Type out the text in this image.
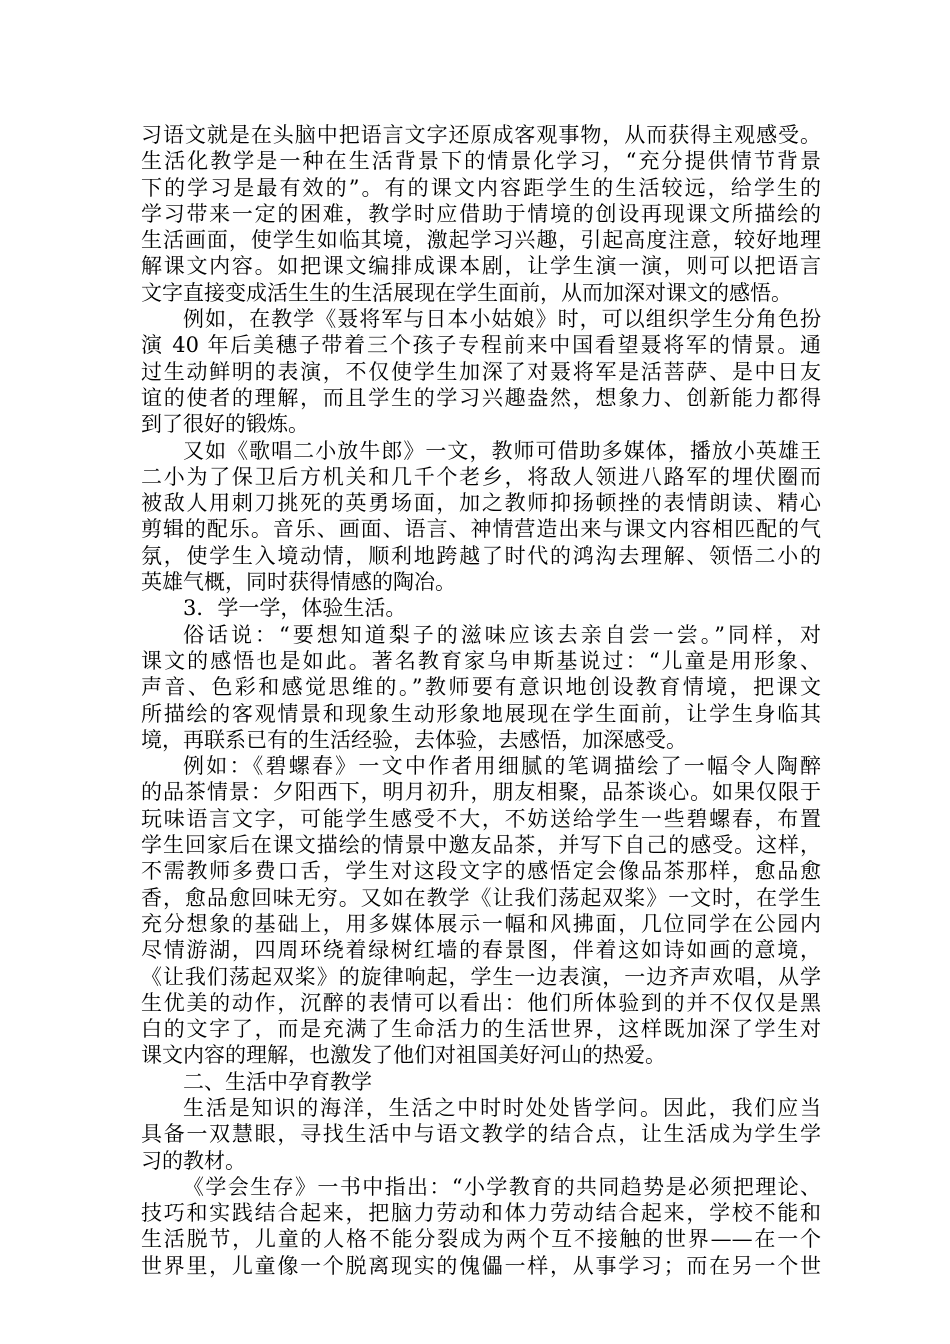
习语文就是在头脑中把语言文字还原成客观事物，从而获得主观感受。
生活化教学是一种在生活背景下的情景化学习，“充分提供情节背景
下的学习是最有效的”。有的课文内容距学生的生活较远，给学生的
学习带来一定的困难，教学时应借助于情境的创设再现课文所描绘的
生活画面，使学生如临其境，激起学习兴趣，引起高度注意，较好地理
解课文内容。如把课文编排成课本剧，让学生演一演，则可以把语言
文字直接变成活生生的生活展现在学生面前，从而加深对课文的感悟。
例如，在教学《聂将军与日本小姑娘》时，可以组织学生分角色扮
演 40 年后美穗子带着三个孩子专程前来中国看望聂将军的情景。通
过生动鲜明的表演，不仅使学生加深了对聂将军是活菩萨、是中日友
谊的使者的理解，而且学生的学习兴趣盎然，想象力、创新能力都得
到了很好的锻炼。
又如《歌唱二小放牛郎》一文，教师可借助多媒体，播放小英雄王
二小为了保卫后方机关和几千个老乡，将敌人领进八路军的埋伏圈而
被敌人用刺刀挑死的英勇场面，加之教师抑扬顿挫的表情朗读、精心
剪辑的配乐。音乐、画面、语言、神情营造出来与课文内容相匹配的气
氛，使学生入境动情，顺利地跨越了时代的鸿沟去理解、领悟二小的
英雄气概，同时获得情感的陶冶。
3．学一学，体验生活。
俗话说：“要想知道梨子的滋味应该去亲自尝一尝。”同样，对
课文的感悟也是如此。著名教育家乌申斯基说过：“儿童是用形象、
声音、色彩和感觉思维的。”教师要有意识地创设教育情境，把课文
所描绘的客观情景和现象生动形象地展现在学生面前，让学生身临其
境，再联系已有的生活经验，去体验，去感悟，加深感受。
例如：《碧螺春》一文中作者用细腻的笔调描绘了一幅令人陶醉
的品茶情景：夕阳西下，明月初升，朋友相聚，品茶谈心。如果仅限于
玩味语言文字，可能学生感受不大，不妨送给学生一些碧螺春，布置
学生回家后在课文描绘的情景中邀友品茶，并写下自己的感受。这样，
不需教师多费口舌，学生对这段文字的感悟定会像品茶那样，愈品愈
香，愈品愈回味无穷。又如在教学《让我们荡起双桨》一文时，在学生
充分想象的基础上，用多媒体展示一幅和风拂面，几位同学在公园内
尽情游湖，四周环绕着绿树红墙的春景图，伴着这如诗如画的意境，
《让我们荡起双桨》的旋律响起，学生一边表演，一边齐声欢唱，从学
生优美的动作，沉醉的表情可以看出：他们所体验到的并不仅仅是黑
白的文字了，而是充满了生命活力的生活世界，这样既加深了学生对
课文内容的理解，也激发了他们对祖国美好河山的热爱。
二、生活中孕育教学
生活是知识的海洋，生活之中时时处处皆学问。因此，我们应当
具备一双慧眼，寻找生活中与语文教学的结合点，让生活成为学生学
习的教材。
《学会生存》一书中指出：“小学教育的共同趋势是必须把理论、
技巧和实践结合起来，把脑力劳动和体力劳动结合起来，学校不能和
生活脱节，儿童的人格不能分裂成为两个互不接触的世界——在一个
世界里，儿童像一个脱离现实的傀儡一样，从事学习；而在另一个世
